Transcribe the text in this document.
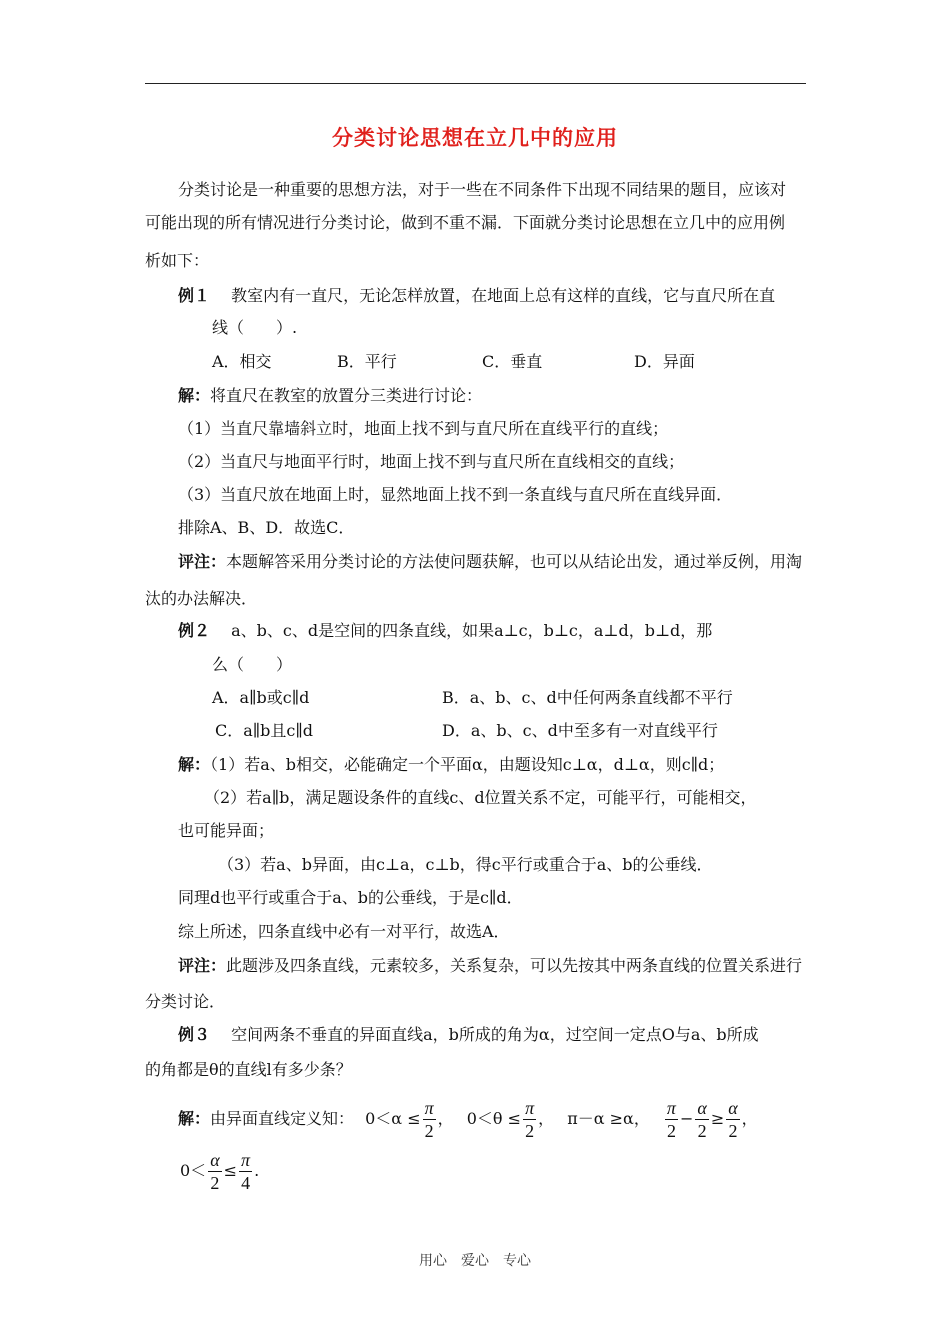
分类讨论思想在立几中的应用
分类讨论是一种重要的思想方法，对于一些在不同条件下出现不同结果的题目，应该对
可能出现的所有情况进行分类讨论，做到不重不漏．下面就分类讨论思想在立几中的应用例
析如下：
例１　 教室内有一直尺，无论怎样放置，在地面上总有这样的直线，它与直尺所在直
线（　　）.
A．相交	B．平行	C．垂直	D．异面
解：将直尺在教室的放置分三类进行讨论：
（1）当直尺靠墙斜立时，地面上找不到与直尺所在直线平行的直线；
（2）当直尺与地面平行时，地面上找不到与直尺所在直线相交的直线；
（3）当直尺放在地面上时，显然地面上找不到一条直线与直尺所在直线异面．
排除A、B、D．故选C．
评注：本题解答采用分类讨论的方法使问题获解，也可以从结论出发，通过举反例，用淘
汰的办法解决．
例２　 a、b、c、d是空间的四条直线，如果a⊥c，b⊥c，a⊥d，b⊥d，那
么（　　）
A．a∥b或c∥d	B．a、b、c、d中任何两条直线都不平行
C．a∥b且c∥d	D．a、b、c、d中至多有一对直线平行
解：（1）若a、b相交，必能确定一个平面α，由题设知c⊥α，d⊥α，则c∥d；
（2）若a∥b，满足题设条件的直线c、d位置关系不定，可能平行，可能相交，
也可能异面；
（3）若a、b异面，由c⊥a，c⊥b，得c平行或重合于a、b的公垂线．
同理d也平行或重合于a、b的公垂线，于是c∥d．
综上所述，四条直线中必有一对平行，故选A．
评注：此题涉及四条直线，元素较多，关系复杂，可以先按其中两条直线的位置关系进行
分类讨论．
例３　 空间两条不垂直的异面直线a，b所成的角为α，过空间一定点O与a、b所成
的角都是θ的直线l有多少条？
解：由异面直线定义知： $0<\alpha \le \frac{\pi}{2}$ ， $0<\theta \le \frac{\pi}{2}$ ， π－α ≥α， $\frac{\pi}{2} - \frac{\alpha}{2} \ge \frac{\alpha}{2}$ ，
$0< \frac{\alpha}{2} \le \frac{\pi}{4}$ .
用心　爱心　专心
